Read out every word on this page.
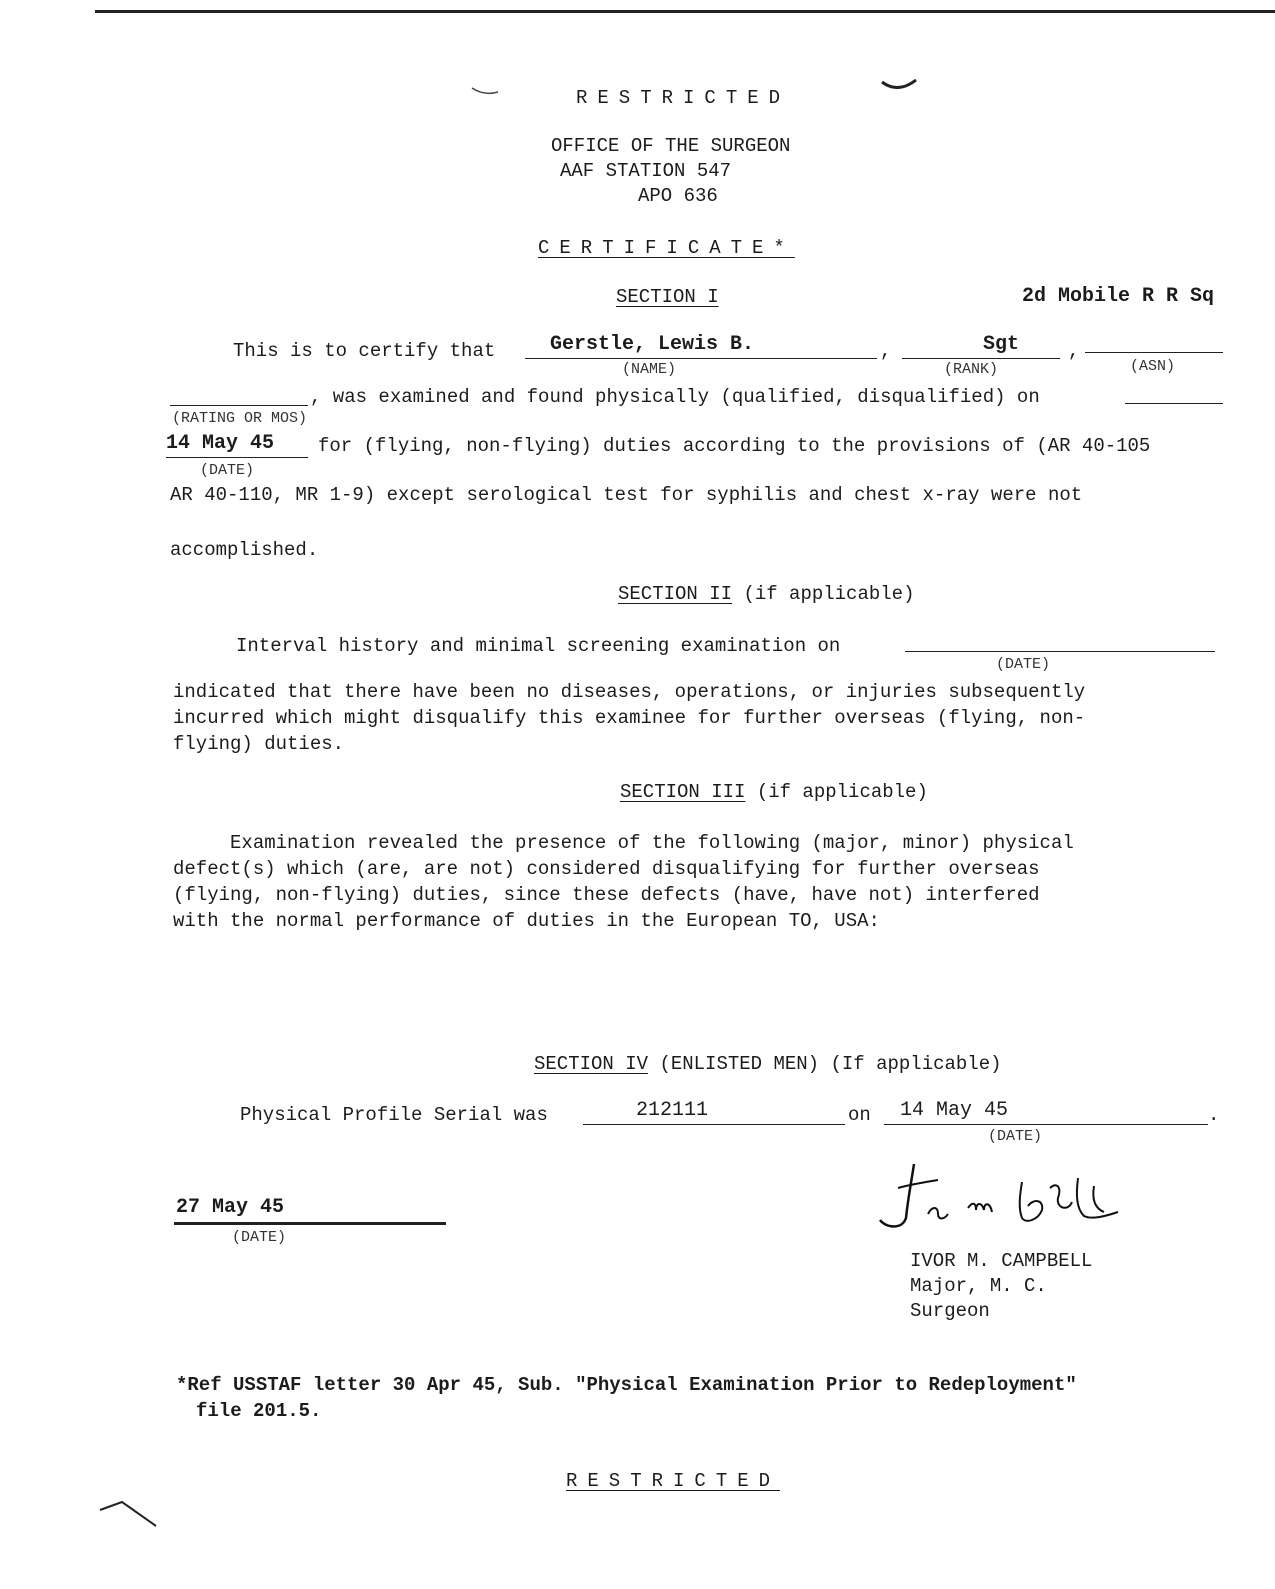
RESTRICTED
OFFICE OF THE SURGEON
AAF STATION 547
APO 636
CERTIFICATE*
SECTION I	2d Mobile R R Sq
This is to certify that	Gerstle, Lewis B.	,
(NAME)
Sgt	,
(RANK)	(ASN)
(RATING OR MOS)
, was examined and found physically (qualified, disqualified) on
14 May 45
(DATE)
for (flying, non-flying) duties according to the provisions of (AR 40-105
AR 40-110, MR 1-9) except serological test for syphilis and chest x-ray were not
accomplished.
SECTION II (if applicable)
Interval history and minimal screening examination on
(DATE)
indicated that there have been no diseases, operations, or injuries subsequently
incurred which might disqualify this examinee for further overseas (flying, non-
flying) duties.
SECTION III (if applicable)
Examination revealed the presence of the following (major, minor) physical
defect(s) which (are, are not) considered disqualifying for further overseas
(flying, non-flying) duties, since these defects (have, have not) interfered
with the normal performance of duties in the European TO, USA:
SECTION IV (ENLISTED MEN) (If applicable)
Physical Profile Serial was	212111	on 14 May 45	.
(DATE)
27 May 45
(DATE)
IVOR M. CAMPBELL
Major, M. C.
Surgeon
*Ref USSTAF letter 30 Apr 45, Sub. "Physical Examination Prior to Redeployment"
file 201.5.
RESTRICTED
